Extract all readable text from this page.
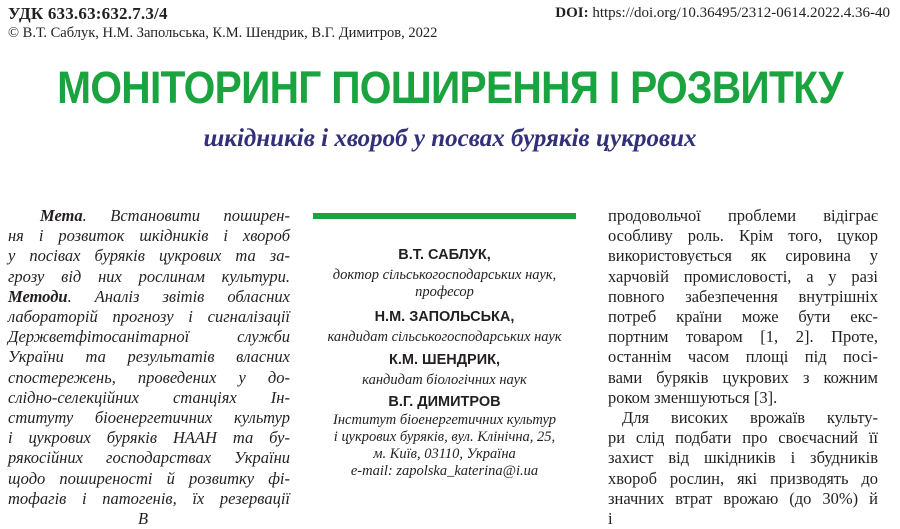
УДК 633.63:632.7.3/4
© В.Т. Саблук, Н.М. Запольська, К.М. Шендрик, В.Г. Димитров, 2022
DOI: https://doi.org/10.36495/2312-0614.2022.4.36-40
МОНІТОРИНГ ПОШИРЕННЯ І РОЗВИТКУ
шкідників і хвороб у посвах буряків цукрових
Мета. Встановити поширен-
ня і розвиток шкідників і хвороб
у посівах буряків цукрових та за-
грозу від них рослинам культури.
Методи. Аналіз звітів обласних
лабораторій прогнозу і сигналізації
Держветфітосанітарної служби
України та результатів власних
спостережень, проведених у до-
слідно-селекційних станціях Ін-
ституту біоенергетичних культур
і цукрових буряків НААН та бу-
рякосійних господарствах України
щодо поширеності й розвитку фі-
тофагів і патогенів, їх резервації
В
В.Т. САБЛУК,
доктор сільськогосподарських наук,
професор
Н.М. ЗАПОЛЬСЬКА,
кандидат сільськогосподарських наук
К.М. ШЕНДРИК,
кандидат біологічних наук
В.Г. ДИМИТРОВ
Інститут біоенергетичних культур
і цукрових буряків, вул. Клінічна, 25,
м. Київ, 03110, Україна
e-mail: zapolska_katerina@i.ua
продовольчої проблеми відіграє
особливу роль. Крім того, цукор
використовується як сировина у
харчовій промисловості, а у разі
повного забезпечення внутрішніх
потреб країни може бути екс-
портним товаром [1, 2]. Проте,
останнім часом площі під посі-
вами буряків цукрових з кожним
роком зменшуються [3].
Для високих врожаїв культу-
ри слід подбати про своєчасний її
захист від шкідників і збудників
хвороб рослин, які призводять до
значних втрат врожаю (до 30%) й
і
